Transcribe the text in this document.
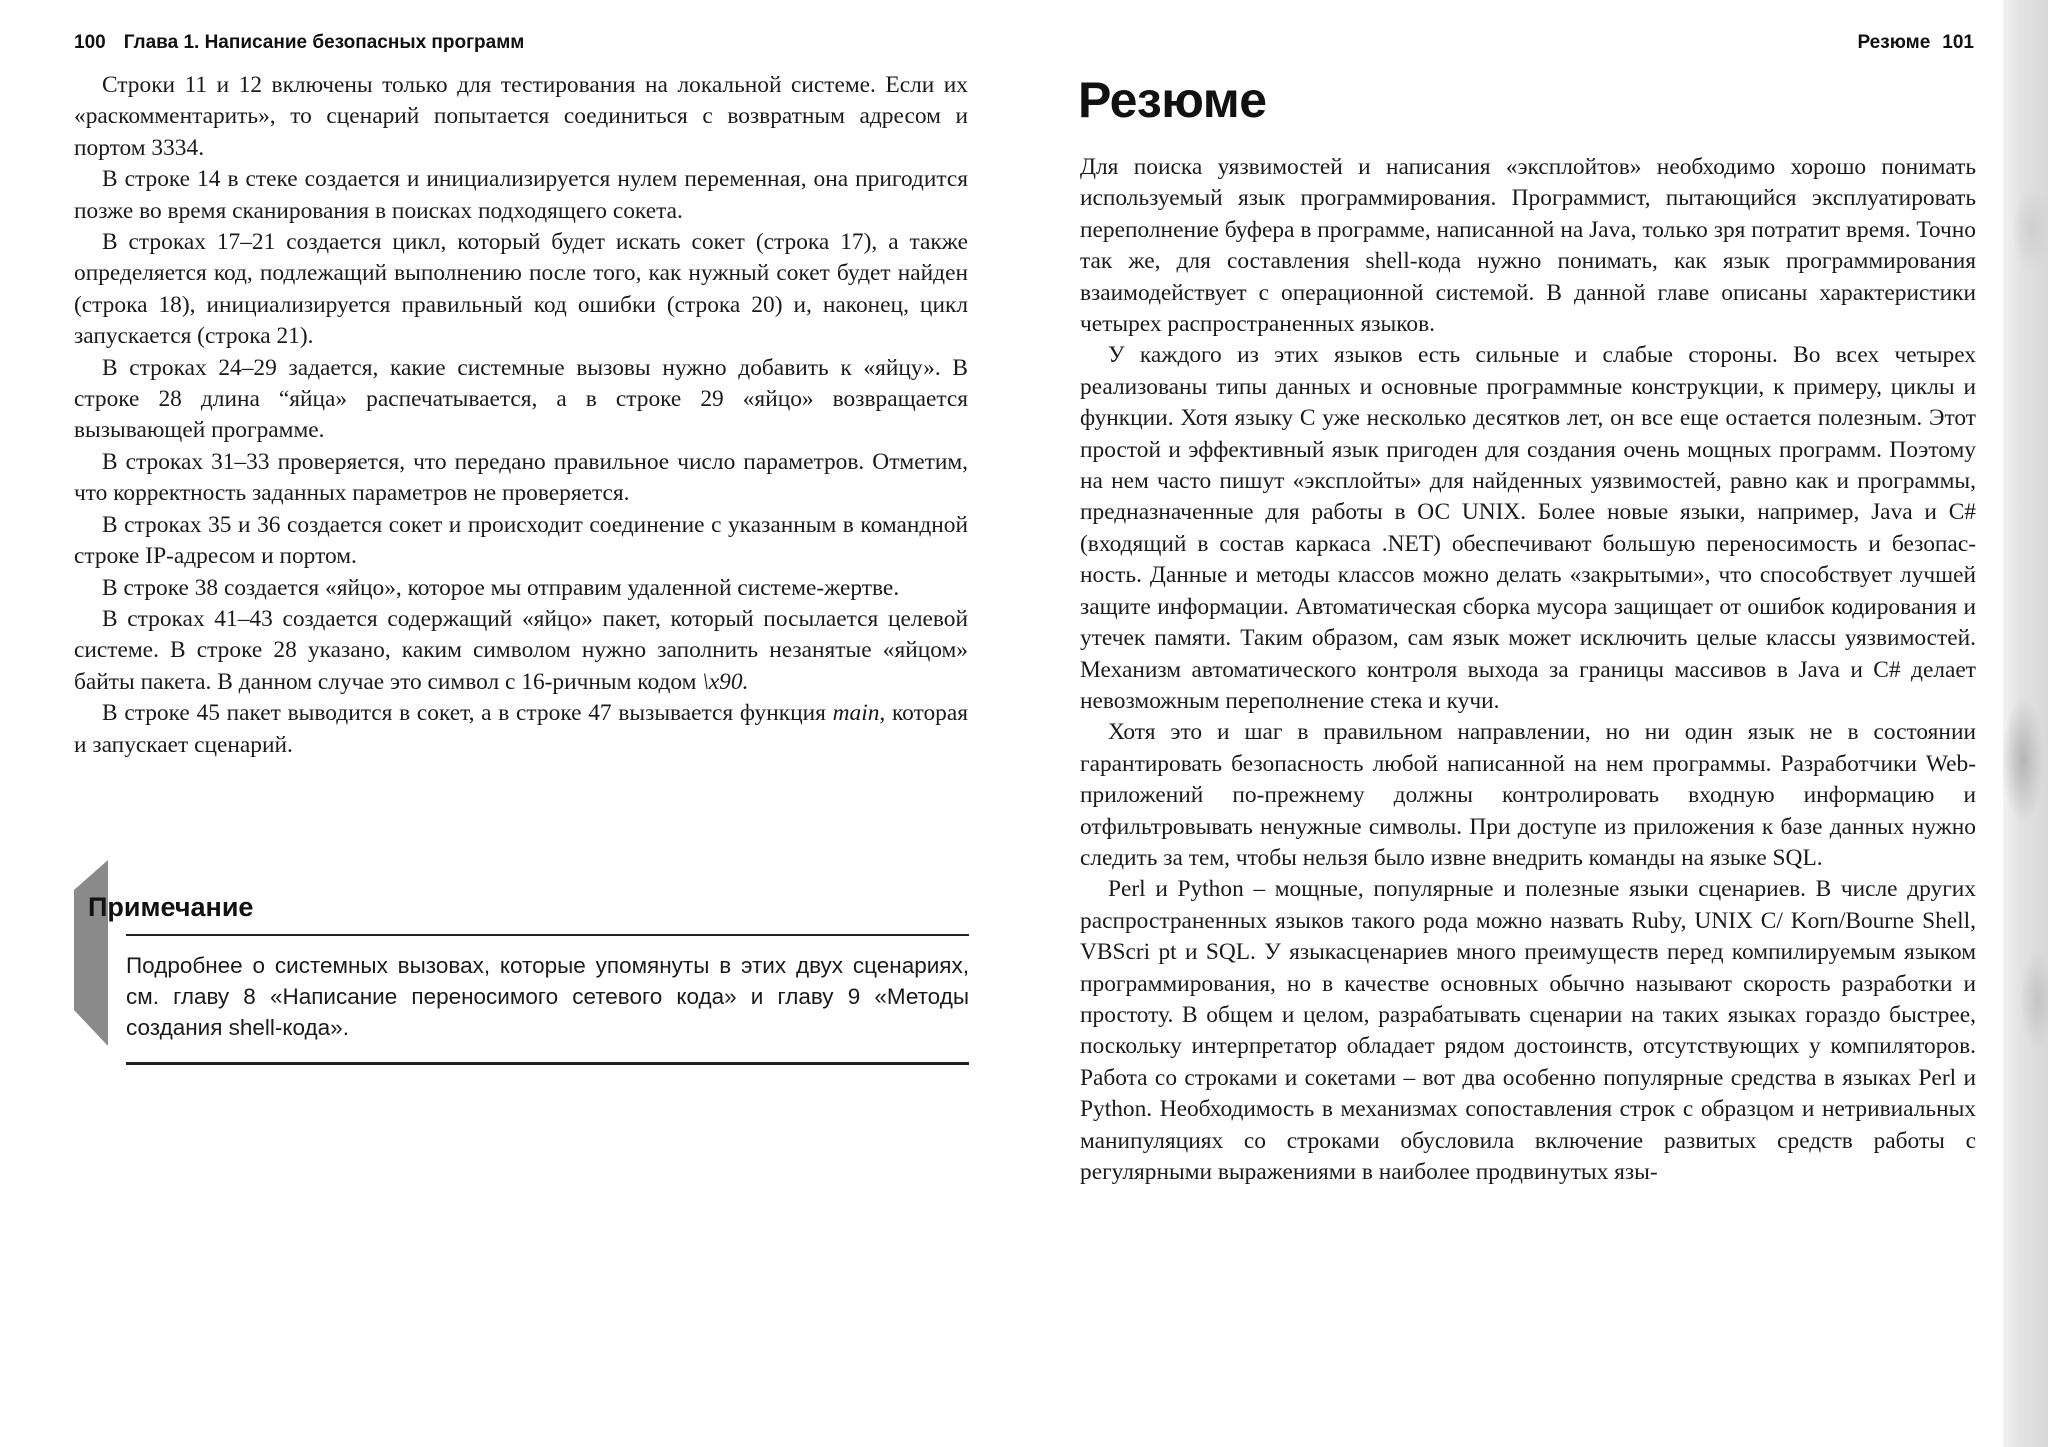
100 Глава 1. Написание безопасных программ	Резюме 101

Строки 11 и 12 включены только для тестирования на локальной системе. Если их «раскомментарить», то сценарий попытается соединиться с возвратным адресом и портом 3334.

В строке 14 в стеке создается и инициализируется нулем переменная, она пригодится позже во время сканирования в поисках подходящего сокета.

В строках 17–21 создается цикл, который будет искать сокет (строка 17), а также определяется код, подлежащий выполнению после того, как нужный сокет будет найден (строка 18), инициализируется правильный код ошибки (строка 20) и, наконец, цикл запускается (строка 21).

В строках 24–29 задается, какие системные вызовы нужно добавить к «яйцу». В строке 28 длина “яйца» распечатывается, а в строке 29 «яйцо» возвращается вызывающей программе.

В строках 31–33 проверяется, что передано правильное число параметров. Отметим, что корректность заданных параметров не проверяется.

В строках 35 и 36 создается сокет и происходит соединение с указанным в командной строке IP-адресом и портом.

В строке 38 создается «яйцо», которое мы отправим удаленной системе-жертве.

В строках 41–43 создается содержащий «яйцо» пакет, который посылается целевой системе. В строке 28 указано, каким символом нужно заполнить незанятые «яйцом» байты пакета. В данном случае это символ с 16-ричным кодом \x90.

В строке 45 пакет выводится в сокет, а в строке 47 вызывается функция main, которая и запускает сценарий.

Примечание
Подробнее о системных вызовах, которые упомянуты в этих двух сценариях, см. главу 8 «Написание переносимого сетевого кода» и главу 9 «Методы создания shell-кода».
Резюме

Для поиска уязвимостей и написания «эксплойтов» необходимо хорошо понимать используемый язык программирования. Программист, пытающийся эксплуатировать переполнение буфера в программе, написанной на Java, только зря потратит время. Точно так же, для составления shell-кода нужно понимать, как язык программирования взаимодействует с операционной системой. В данной главе описаны характеристики четырех распространенных языков.

У каждого из этих языков есть сильные и слабые стороны. Во всех четырех реализованы типы данных и основные программные конструкции, к примеру, циклы и функции. Хотя языку С уже несколько десятков лет, он все еще остается полезным. Этот простой и эффективный язык пригоден для создания очень мощных программ. Поэтому на нем часто пишут «эксплойты» для найденных уязвимостей, равно как и программы, предназначенные для работы в ОС UNIX. Более новые языки, например, Java и C# (входящий в состав каркаса .NET) обеспечивают большую переносимость и безопасность. Данные и методы классов можно делать «закрытыми», что способствует лучшей защите информации. Автоматическая сборка мусора защищает от ошибок кодирования и утечек памяти. Таким образом, сам язык может исключить целые классы уязвимостей. Механизм автоматического контроля выхода за границы массивов в Java и C# делает невозможным переполнение стека и кучи.

Хотя это и шаг в правильном направлении, но ни один язык не в состоянии гарантировать безопасность любой написанной на нем программы. Разработчики Web-приложений по-прежнему должны контролировать входную информацию и отфильтровывать ненужные символы. При доступе из приложения к базе данных нужно следить за тем, чтобы нельзя было извне внедрить команды на языке SQL.

Perl и Python – мощные, популярные и полезные языки сценариев. В числе других распространенных языков такого рода можно назвать Ruby, UNIX C/ Korn/Bourne Shell, VBScri pt и SQL. У языкасценариев много преимуществ перед компилируемым языком программирования, но в качестве основных обычно называют скорость разработки и простоту. В общем и целом, разрабатывать сценарии на таких языках гораздо быстрее, поскольку интерпретатор обладает рядом достоинств, отсутствующих у компиляторов. Работа со строками и сокетами – вот два особенно популярные средства в языках Perl и Python. Необходимость в механизмах сопоставления строк с образцом и нетривиальных манипуляциях со строками обусловила включение развитых средств работы с регулярными выражениями в наиболее продвинутых язы-
